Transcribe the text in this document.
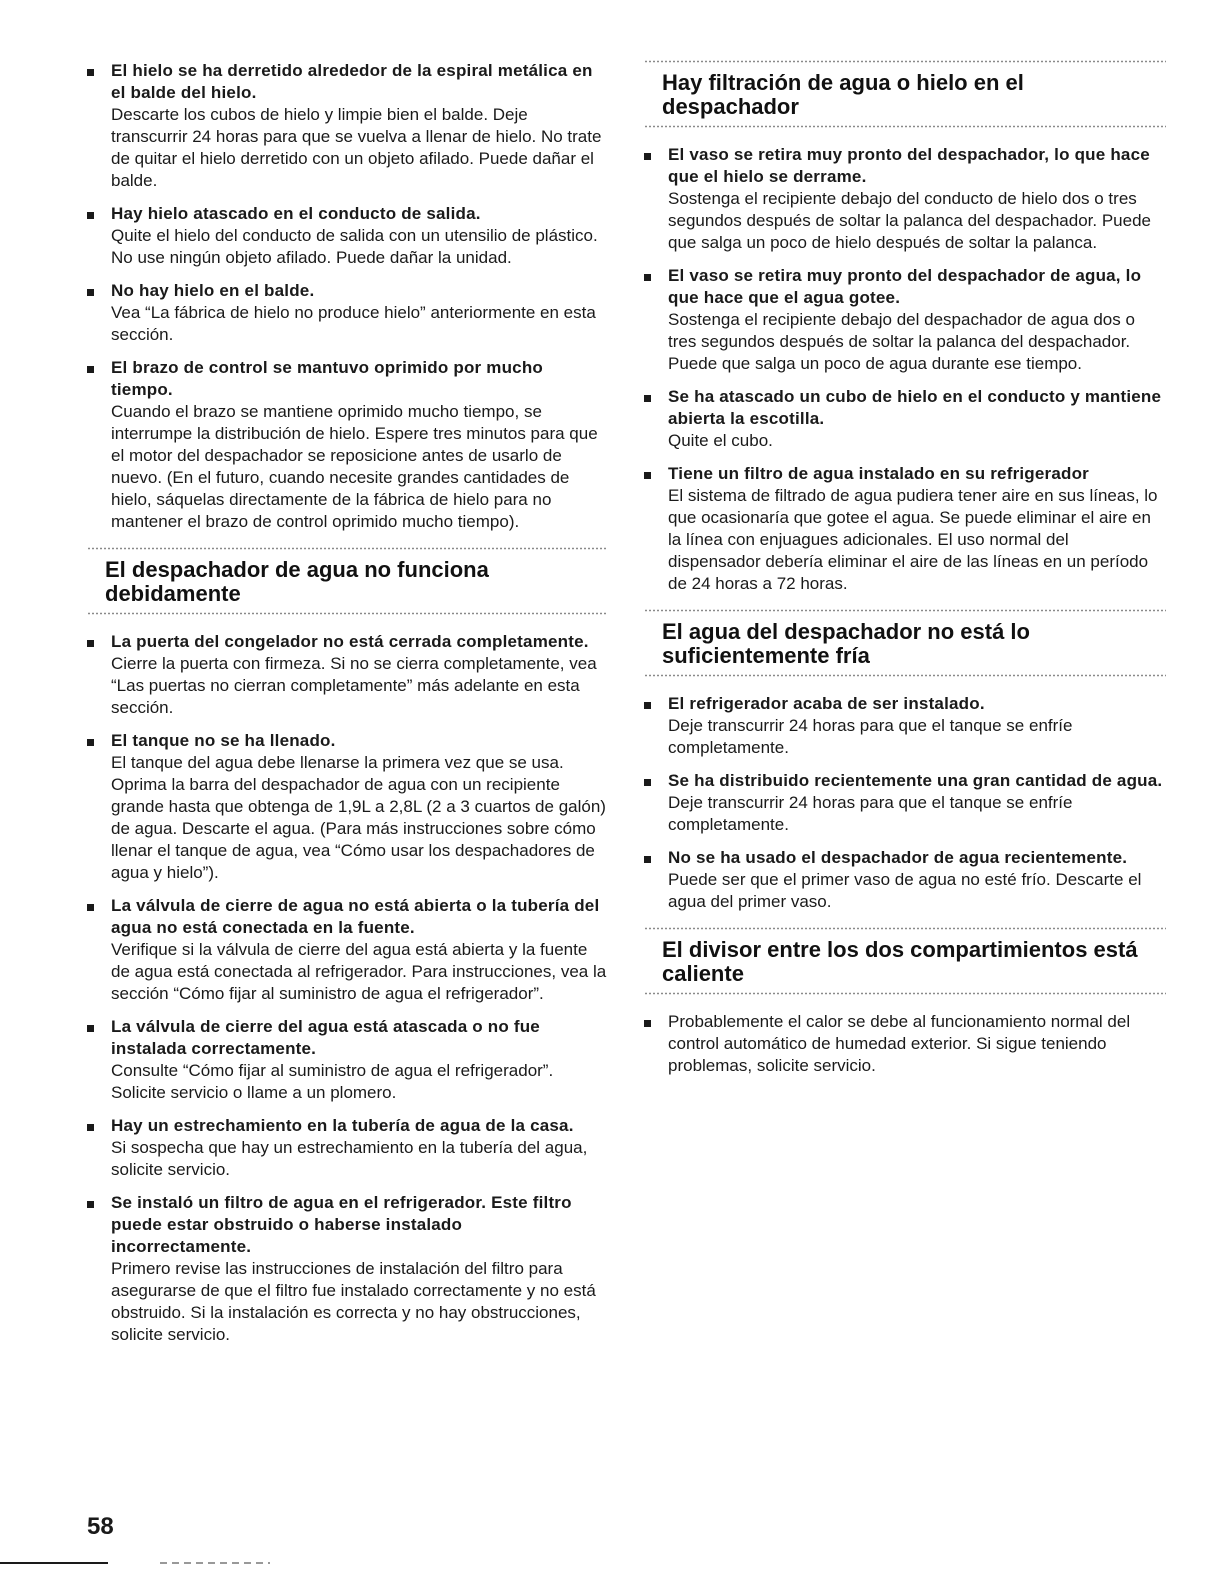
El hielo se ha derretido alrededor de la espiral metálica en el balde del hielo.
Descarte los cubos de hielo y limpie bien el balde. Deje transcurrir 24 horas para que se vuelva a llenar de hielo. No trate de quitar el hielo derretido con un objeto afilado. Puede dañar el balde.
Hay hielo atascado en el conducto de salida.
Quite el hielo del conducto de salida con un utensilio de plástico. No use ningún objeto afilado. Puede dañar la unidad.
No hay hielo en el balde.
Vea “La fábrica de hielo no produce hielo” anteriormente en esta sección.
El brazo de control se mantuvo oprimido por mucho tiempo.
Cuando el brazo se mantiene oprimido mucho tiempo, se interrumpe la distribución de hielo. Espere tres minutos para que el motor del despachador se reposicione antes de usarlo de nuevo. (En el futuro, cuando necesite grandes cantidades de hielo, sáquelas directamente de la fábrica de hielo para no mantener el brazo de control oprimido mucho tiempo).
El despachador de agua no funciona debidamente
La puerta del congelador no está cerrada completamente.
Cierre la puerta con firmeza. Si no se cierra completamente, vea “Las puertas no cierran completamente” más adelante en esta sección.
El tanque no se ha llenado.
El tanque del agua debe llenarse la primera vez que se usa. Oprima la barra del despachador de agua con un recipiente grande hasta que obtenga de 1,9L a 2,8L (2 a 3 cuartos de galón) de agua. Descarte el agua. (Para más instrucciones sobre cómo llenar el tanque de agua, vea “Cómo usar los despachadores de agua y hielo”).
La válvula de cierre de agua no está abierta o la tubería del agua no está conectada en la fuente.
Verifique si la válvula de cierre del agua está abierta y la fuente de agua está conectada al refrigerador. Para instrucciones, vea la sección “Cómo fijar al suministro de agua el refrigerador”.
La válvula de cierre del agua está atascada o no fue instalada correctamente.
Consulte “Cómo fijar al suministro de agua el refrigerador”. Solicite servicio o llame a un plomero.
Hay un estrechamiento en la tubería de agua de la casa.
Si sospecha que hay un estrechamiento en la tubería del agua, solicite servicio.
Se instaló un filtro de agua en el refrigerador. Este filtro puede estar obstruido o haberse instalado incorrectamente.
Primero revise las instrucciones de instalación del filtro para asegurarse de que el filtro fue instalado correctamente y no está obstruido. Si la instalación es correcta y no hay obstrucciones, solicite servicio.
Hay filtración de agua o hielo en el despachador
El vaso se retira muy pronto del despachador, lo que hace que el hielo se derrame.
Sostenga el recipiente debajo del conducto de hielo dos o tres segundos después de soltar la palanca del despachador. Puede que salga un poco de hielo después de soltar la palanca.
El vaso se retira muy pronto del despachador de agua, lo que hace que el agua gotee.
Sostenga el recipiente debajo del despachador de agua dos o tres segundos después de soltar la palanca del despachador. Puede que salga un poco de agua durante ese tiempo.
Se ha atascado un cubo de hielo en el conducto y mantiene abierta la escotilla.
Quite el cubo.
Tiene un filtro de agua instalado en su refrigerador
El sistema de filtrado de agua pudiera tener aire en sus líneas, lo que ocasionaría que gotee el agua. Se puede eliminar el aire en la línea con enjuagues adicionales. El uso normal del dispensador debería eliminar el aire de las líneas en un período de 24 horas a 72 horas.
El agua del despachador no está lo suficientemente fría
El refrigerador acaba de ser instalado.
Deje transcurrir 24 horas para que el tanque se enfríe completamente.
Se ha distribuido recientemente una gran cantidad de agua.
Deje transcurrir 24 horas para que el tanque se enfríe completamente.
No se ha usado el despachador de agua recientemente.
Puede ser que el primer vaso de agua no esté frío. Descarte el agua del primer vaso.
El divisor entre los dos compartimientos está caliente
Probablemente el calor se debe al funcionamiento normal del control automático de humedad exterior. Si sigue teniendo problemas, solicite servicio.
58
